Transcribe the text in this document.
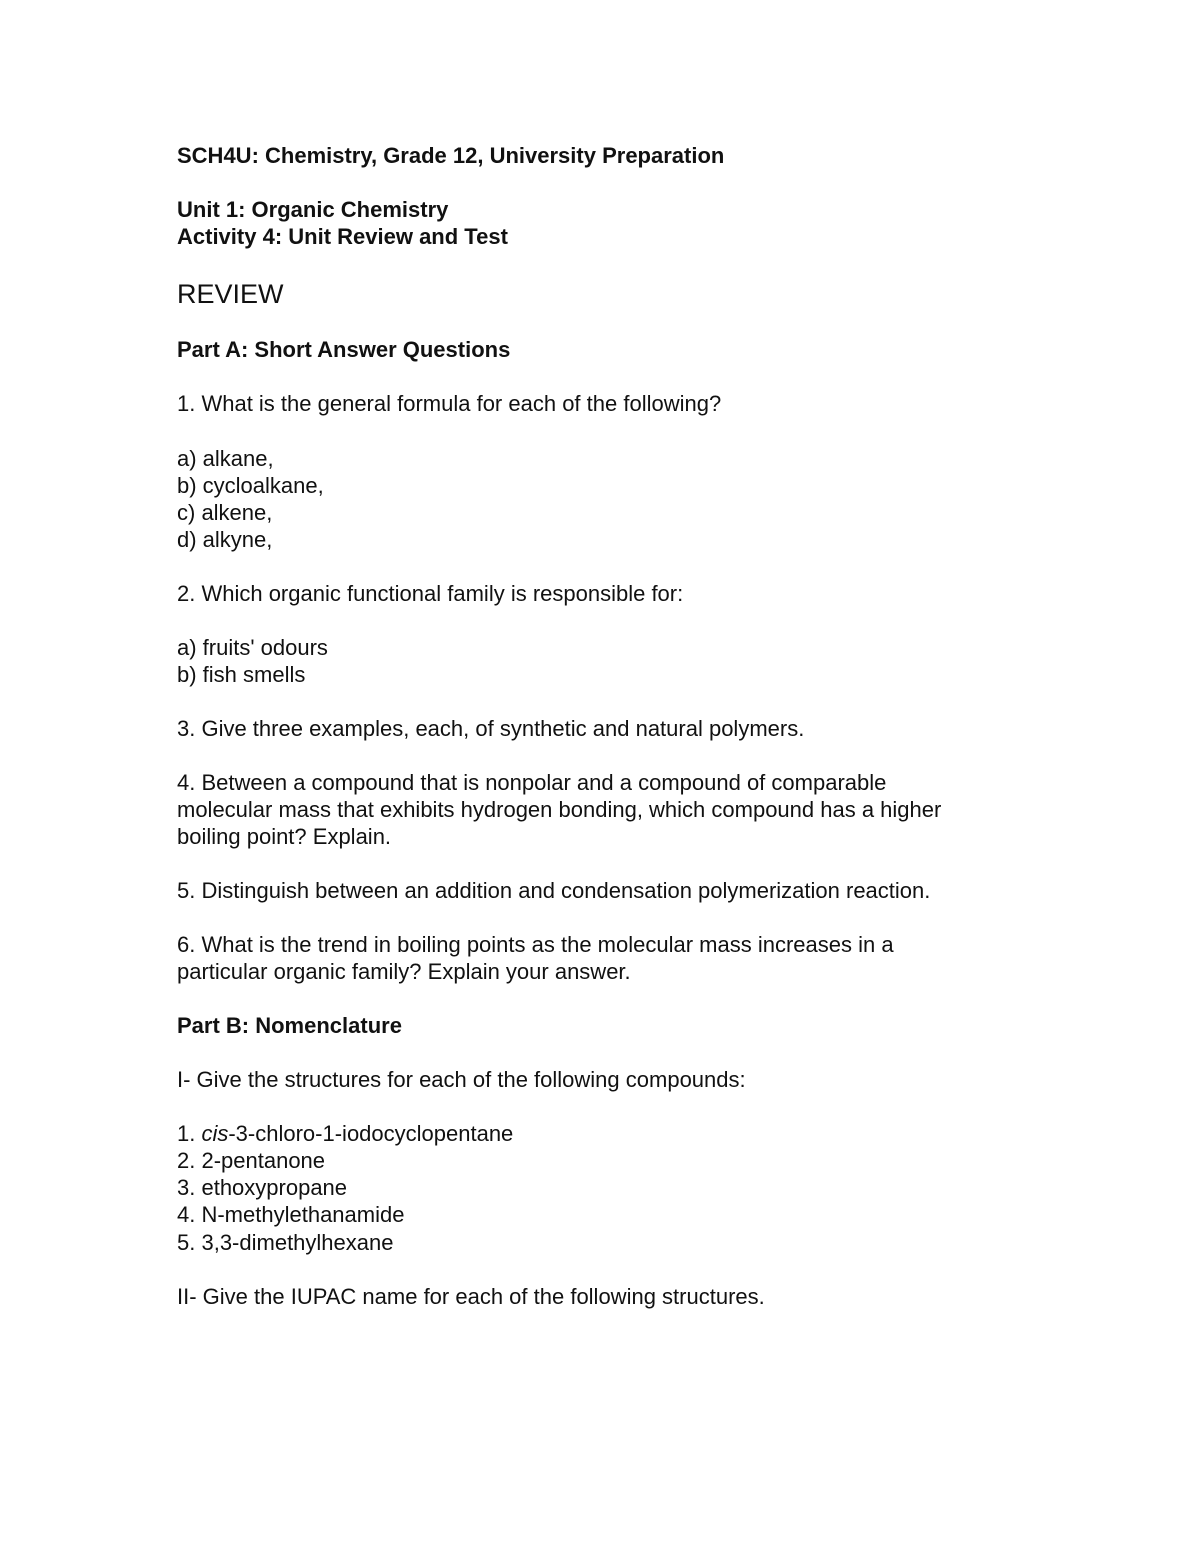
SCH4U: Chemistry, Grade 12, University Preparation

Unit 1: Organic Chemistry

Activity 4: Unit Review and Test

REVIEW

Part A: Short Answer Questions

1. What is the general formula for each of the following?

a) alkane,

b) cycloalkane,

c) alkene,

d) alkyne,

2. Which organic functional family is responsible for:

a) fruits' odours

b) fish smells

3. Give three examples, each, of synthetic and natural polymers.

4. Between a compound that is nonpolar and a compound of comparable

molecular mass that exhibits hydrogen bonding, which compound has a higher

boiling point? Explain.

5. Distinguish between an addition and condensation polymerization reaction.

6. What is the trend in boiling points as the molecular mass increases in a

particular organic family? Explain your answer.

Part B: Nomenclature

I- Give the structures for each of the following compounds:

1. cis-3-chloro-1-iodocyclopentane

2. 2-pentanone

3. ethoxypropane

4. N-methylethanamide

5. 3,3-dimethylhexane

II- Give the IUPAC name for each of the following structures.
